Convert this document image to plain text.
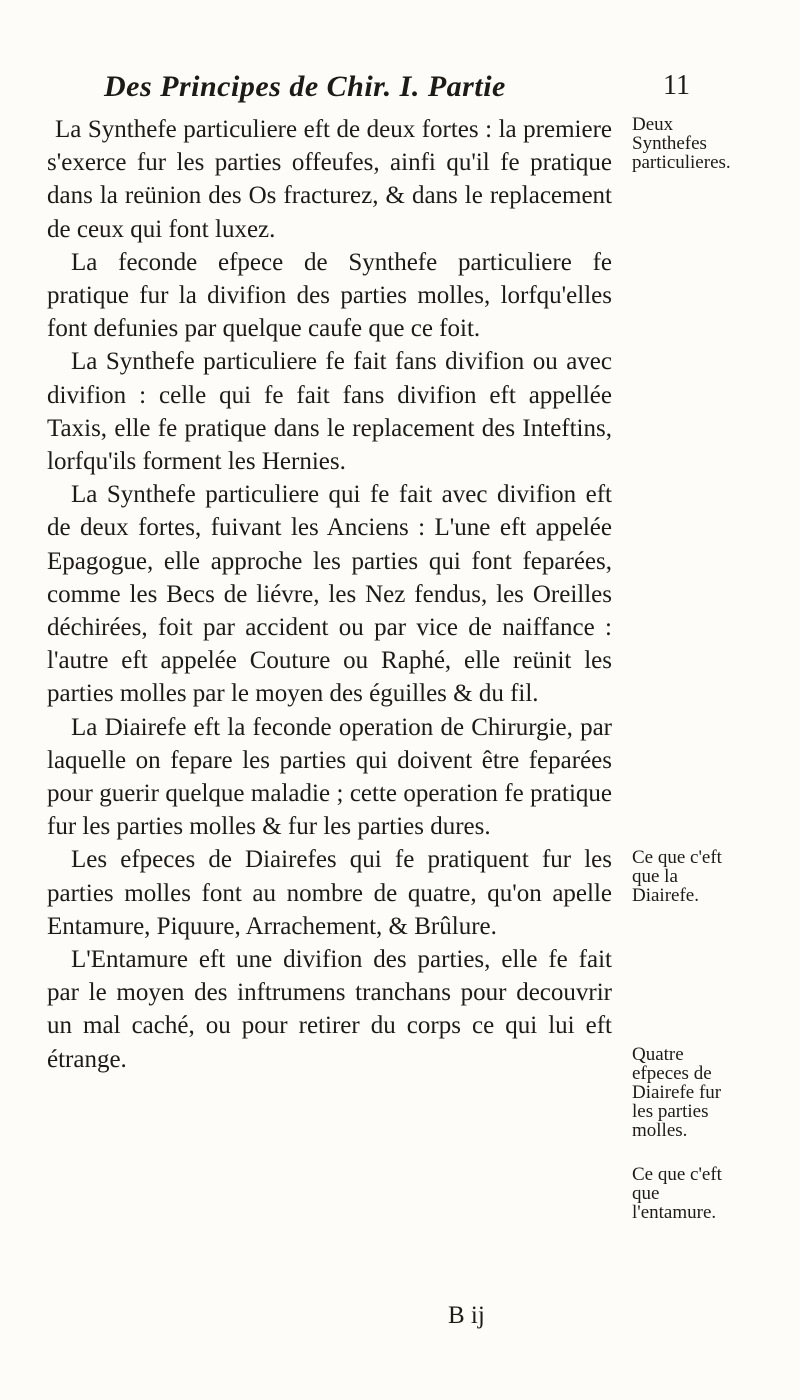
Des Principes de Chir. I. Partie	11

La Synthefe particuliere eft de deux fortes : la premiere s'exerce fur les parties offeufes, ainfi qu'il fe pratique dans la reünion des Os fracturez, & dans le replacement de ceux qui font luxez.

La feconde efpece de Synthefe particuliere fe pratique fur la divifion des parties molles, lorfqu'elles font defunies par quelque caufe que ce foit.

La Synthefe particuliere fe fait fans divifion ou avec divifion : celle qui fe fait fans divifion eft appellée Taxis, elle fe pratique dans le replacement des Inteftins, lorfqu'ils forment les Hernies.

La Synthefe particuliere qui fe fait avec divifion eft de deux fortes, fuivant les Anciens : L'une eft appelée Epagogue, elle approche les parties qui font feparées, comme les Becs de liévre, les Nez fendus, les Oreilles déchirées, foit par accident ou par vice de naiffance : l'autre eft appelée Couture ou Raphé, elle reünit les parties molles par le moyen des éguilles & du fil.

La Diairefe eft la feconde operation de Chirurgie, par laquelle on fepare les parties qui doivent être feparées pour guerir quelque maladie ; cette operation fe pratique fur les parties molles & fur les parties dures.

Les efpeces de Diairefes qui fe pratiquent fur les parties molles font au nombre de quatre, qu'on apelle Entamure, Piquure, Arrachement, & Brûlure.

L'Entamure eft une divifion des parties, elle fe fait par le moyen des inftrumens tranchans pour decouvrir un mal caché, ou pour retirer du corps ce qui lui eft étrange.

Deux Synthefes particulieres.
Ce que c'eft que la Diairefe.
Quatre efpeces de Diairefe fur les parties molles.
Ce que c'eft que l'entamure.
B ij
